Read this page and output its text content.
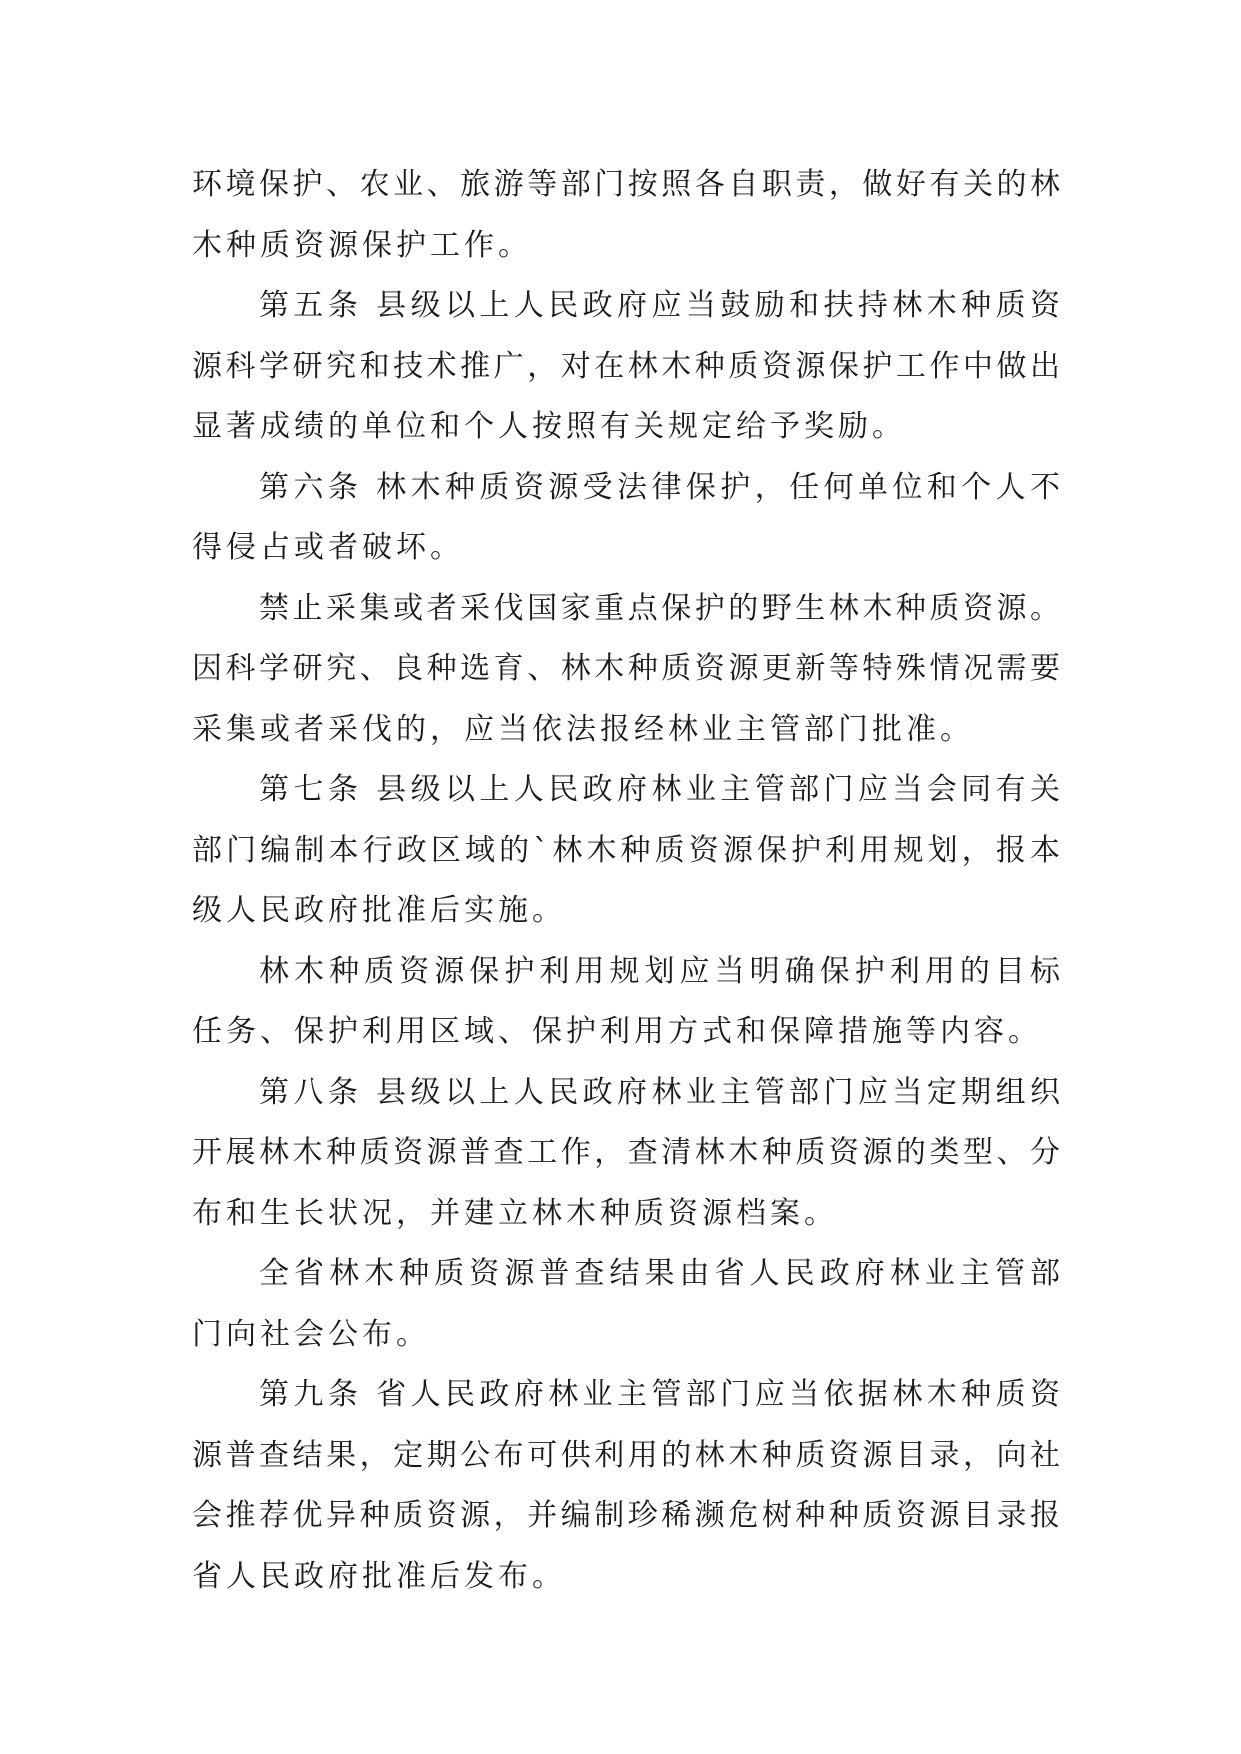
环境保护、农业、旅游等部门按照各自职责，做好有关的林
木种质资源保护工作。
第五条 县级以上人民政府应当鼓励和扶持林木种质资
源科学研究和技术推广，对在林木种质资源保护工作中做出
显著成绩的单位和个人按照有关规定给予奖励。
第六条 林木种质资源受法律保护，任何单位和个人不
得侵占或者破坏。
禁止采集或者采伐国家重点保护的野生林木种质资源。
因科学研究、良种选育、林木种质资源更新等特殊情况需要
采集或者采伐的，应当依法报经林业主管部门批准。
第七条 县级以上人民政府林业主管部门应当会同有关
部门编制本行政区域的`林木种质资源保护利用规划，报本
级人民政府批准后实施。
林木种质资源保护利用规划应当明确保护利用的目标
任务、保护利用区域、保护利用方式和保障措施等内容。
第八条 县级以上人民政府林业主管部门应当定期组织
开展林木种质资源普查工作，查清林木种质资源的类型、分
布和生长状况，并建立林木种质资源档案。
全省林木种质资源普查结果由省人民政府林业主管部
门向社会公布。
第九条 省人民政府林业主管部门应当依据林木种质资
源普查结果，定期公布可供利用的林木种质资源目录，向社
会推荐优异种质资源，并编制珍稀濒危树种种质资源目录报
省人民政府批准后发布。
